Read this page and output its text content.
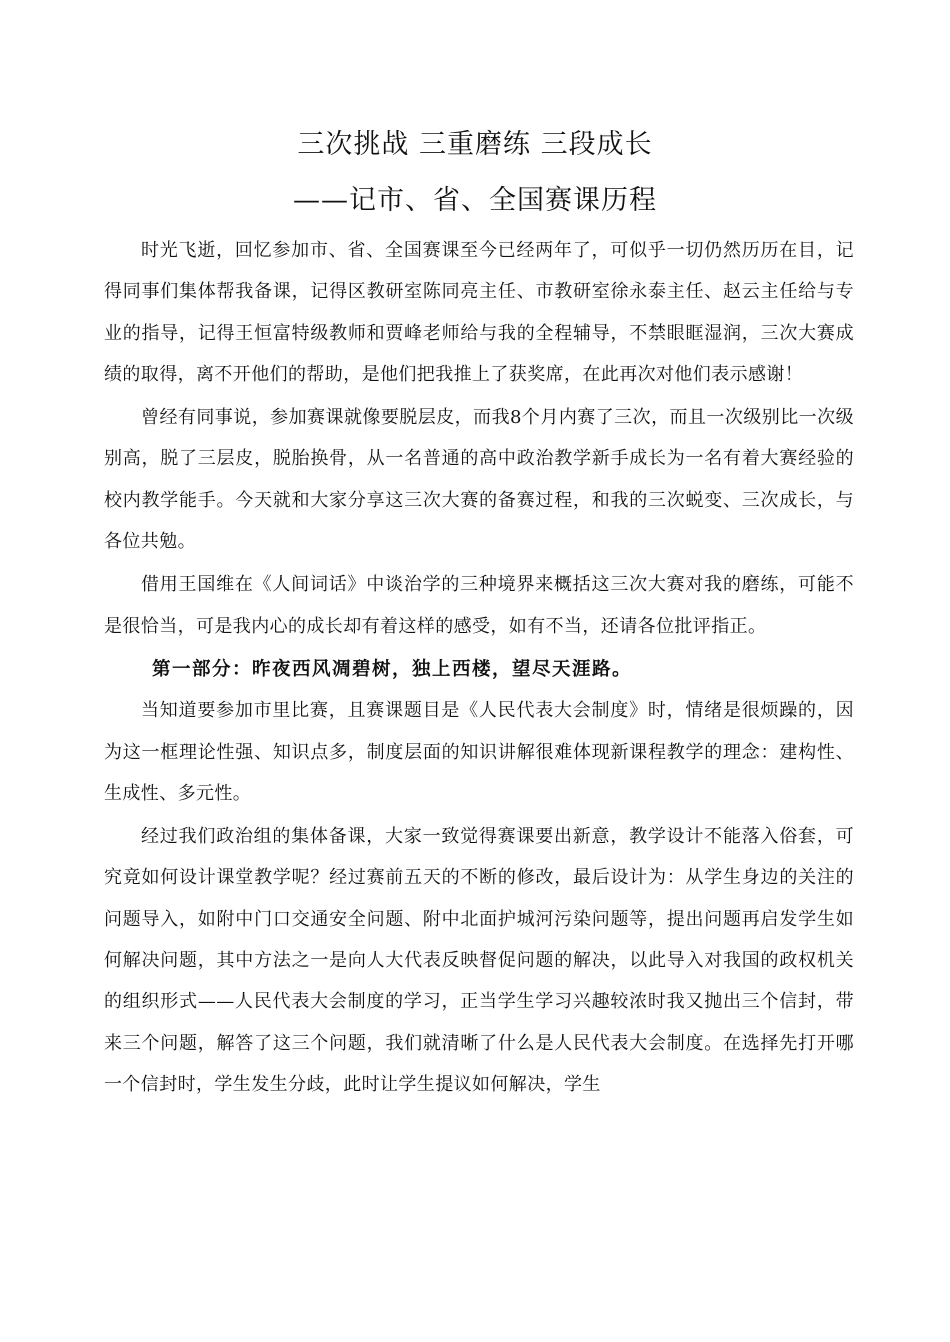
三次挑战 三重磨练 三段成长
——记市、省、全国赛课历程

时光飞逝，回忆参加市、省、全国赛课至今已经两年了，可似乎一切仍然历历在目，记得同事们集体帮我备课，记得区教研室陈同亮主任、市教研室徐永泰主任、赵云主任给与专业的指导，记得王恒富特级教师和贾峰老师给与我的全程辅导，不禁眼眶湿润，三次大赛成绩的取得，离不开他们的帮助，是他们把我推上了获奖席，在此再次对他们表示感谢！

曾经有同事说，参加赛课就像要脱层皮，而我8个月内赛了三次，而且一次级别比一次级别高，脱了三层皮，脱胎换骨，从一名普通的高中政治教学新手成长为一名有着大赛经验的校内教学能手。今天就和大家分享这三次大赛的备赛过程，和我的三次蜕变、三次成长，与各位共勉。

借用王国维在《人间词话》中谈治学的三种境界来概括这三次大赛对我的磨练，可能不是很恰当，可是我内心的成长却有着这样的感受，如有不当，还请各位批评指正。

第一部分：昨夜西风凋碧树，独上西楼，望尽天涯路。

当知道要参加市里比赛，且赛课题目是《人民代表大会制度》时，情绪是很烦躁的，因为这一框理论性强、知识点多，制度层面的知识讲解很难体现新课程教学的理念：建构性、生成性、多元性。

经过我们政治组的集体备课，大家一致觉得赛课要出新意，教学设计不能落入俗套，可究竟如何设计课堂教学呢？经过赛前五天的不断的修改，最后设计为：从学生身边的关注的问题导入，如附中门口交通安全问题、附中北面护城河污染问题等，提出问题再启发学生如何解决问题，其中方法之一是向人大代表反映督促问题的解决，以此导入对我国的政权机关的组织形式——人民代表大会制度的学习，正当学生学习兴趣较浓时我又抛出三个信封，带来三个问题，解答了这三个问题，我们就清晰了什么是人民代表大会制度。在选择先打开哪一个信封时，学生发生分歧，此时让学生提议如何解决，学生
